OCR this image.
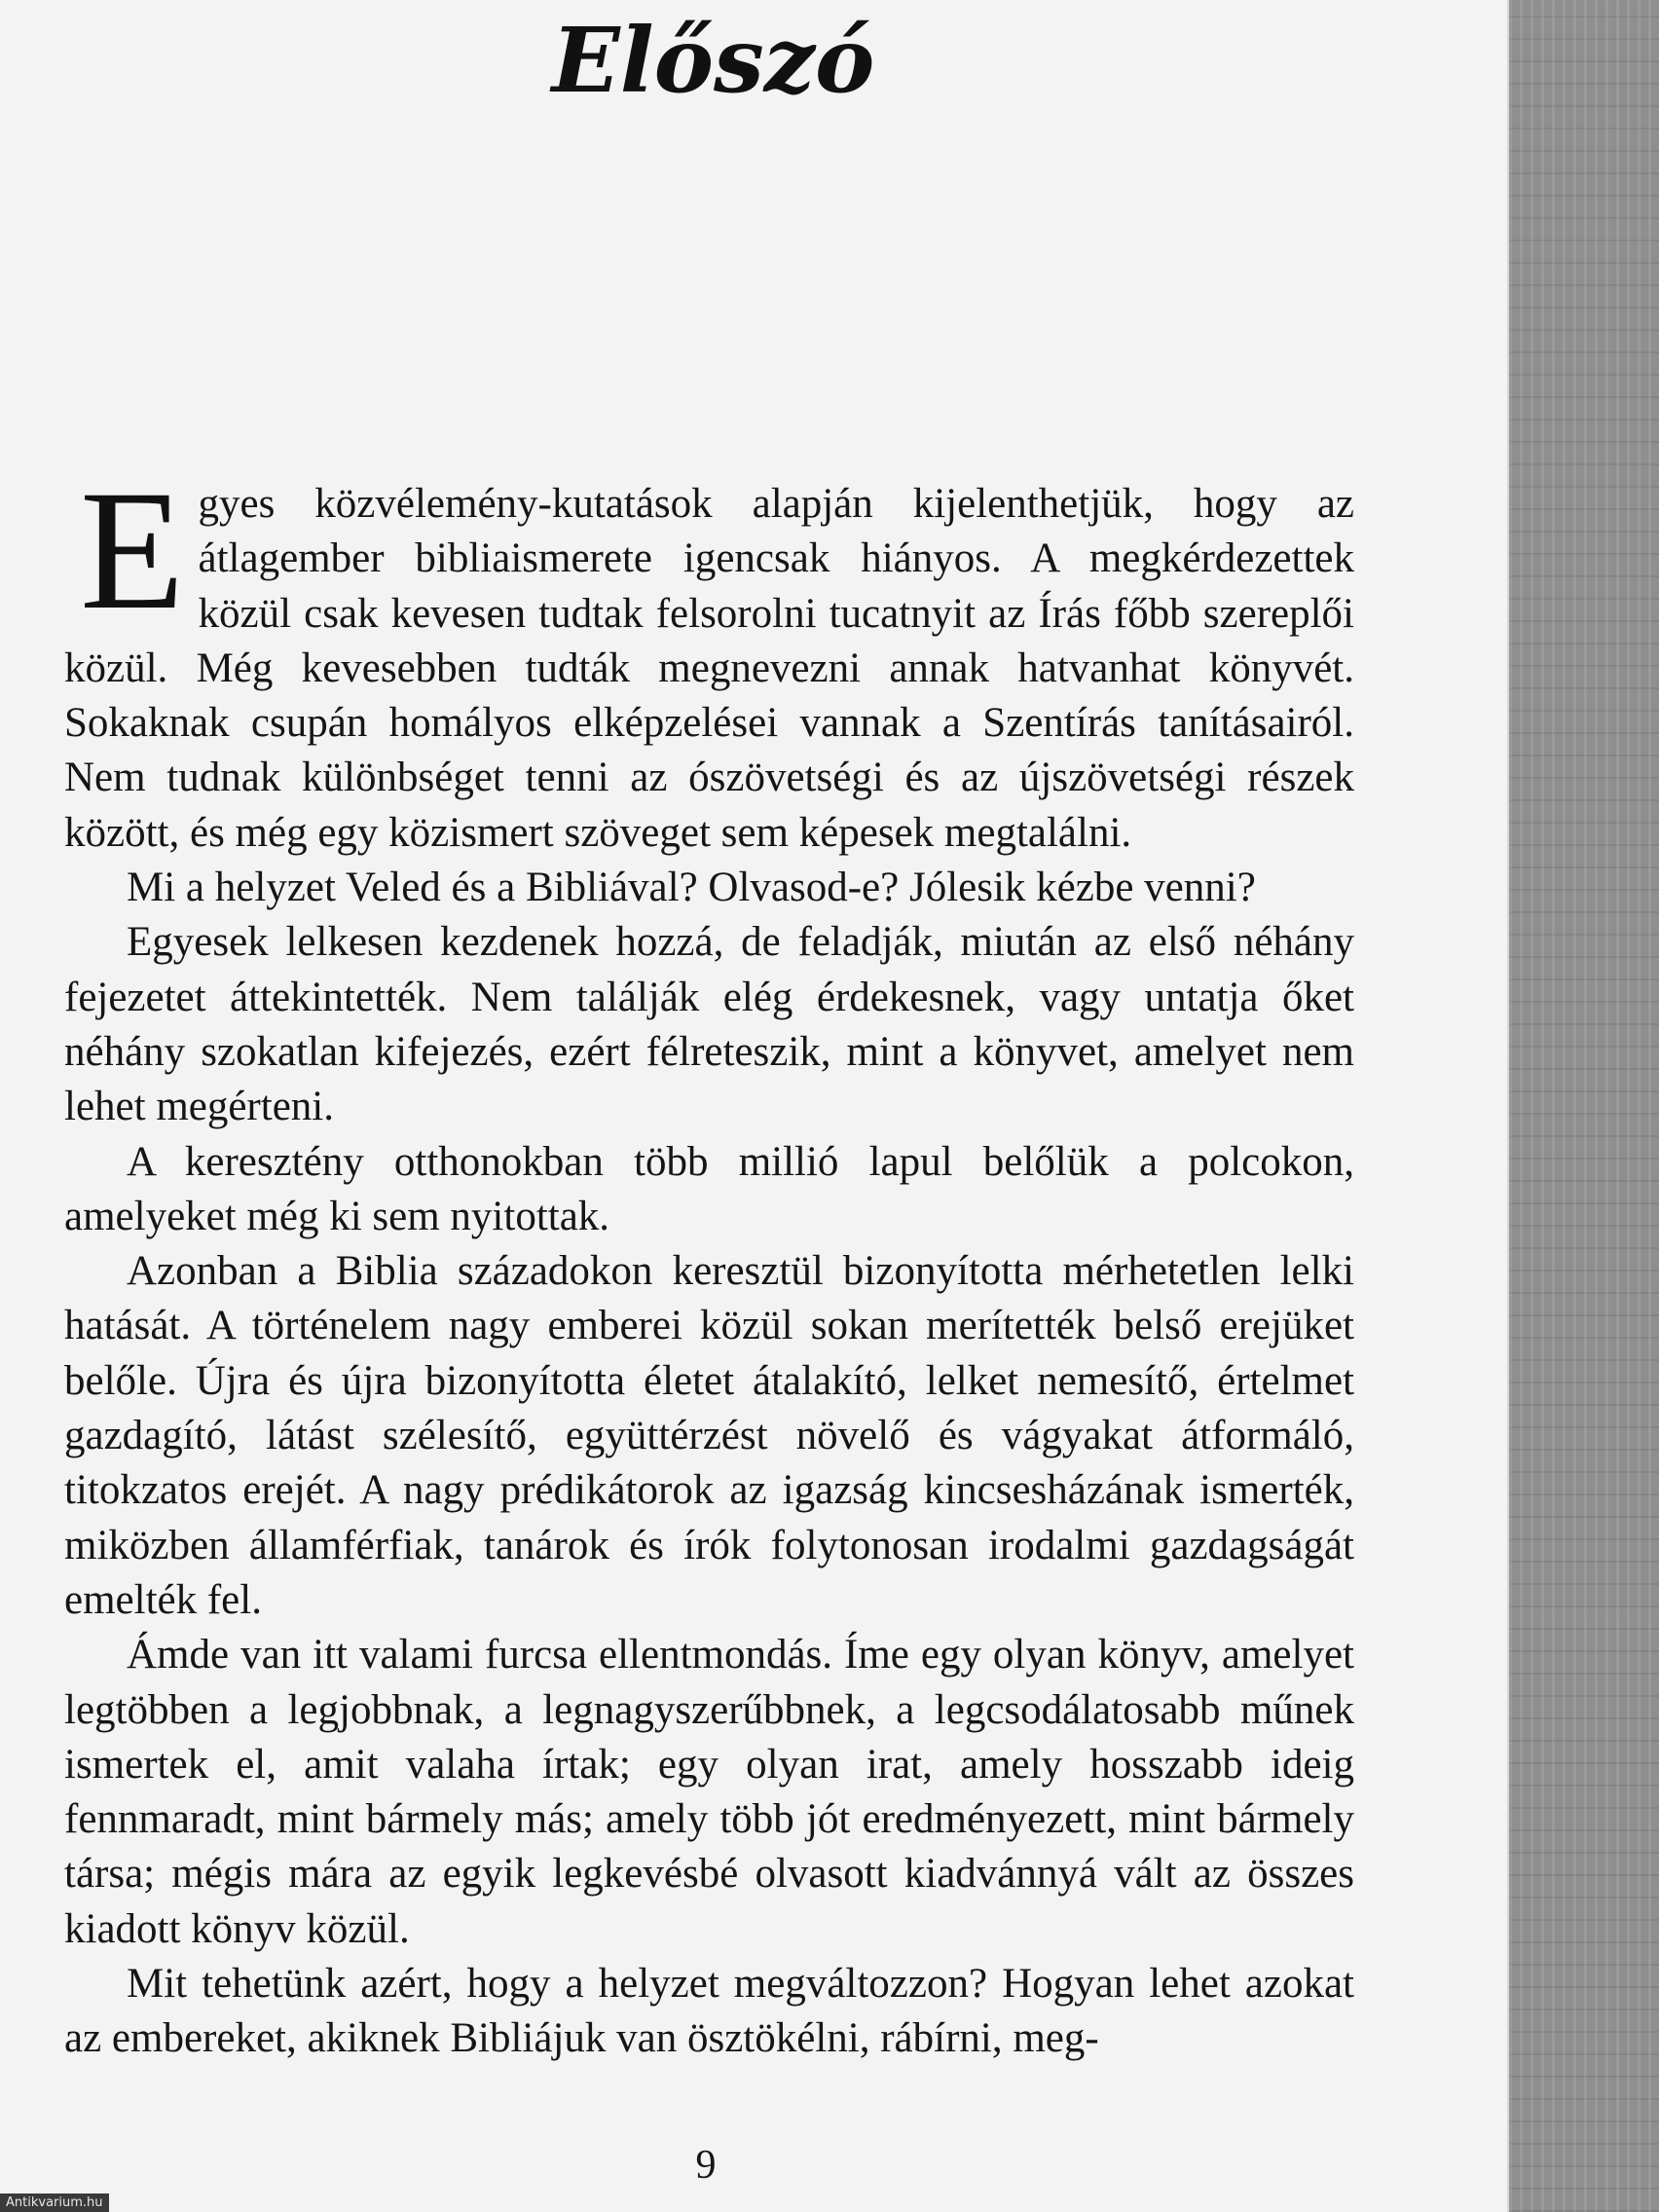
Előszó

Egyes közvélemény-kutatások alapján kijelenthetjük, hogy az átlagember bibliaismerete igencsak hiányos. A megkérdezettek közül csak kevesen tudtak felsorolni tucatnyit az Írás főbb szereplői közül. Még kevesebben tudták megnevezni annak hatvanhat könyvét. Sokaknak csupán homályos elképzelései vannak a Szentírás tanításairól. Nem tudnak különbséget tenni az ószövetségi és az újszövetségi részek között, és még egy közismert szöveget sem képesek megtalálni.

Mi a helyzet Veled és a Bibliával? Olvasod-e? Jólesik kézbe venni?

Egyesek lelkesen kezdenek hozzá, de feladják, miután az első néhány fejezetet áttekintették. Nem találják elég érdekesnek, vagy untatja őket néhány szokatlan kifejezés, ezért félreteszik, mint a könyvet, amelyet nem lehet megérteni.

A keresztény otthonokban több millió lapul belőlük a polcokon, amelyeket még ki sem nyitottak.

Azonban a Biblia századokon keresztül bizonyította mérhetetlen lelki hatását. A történelem nagy emberei közül sokan merítették belső erejüket belőle. Újra és újra bizonyította életet átalakító, lelket nemesítő, értelmet gazdagító, látást szélesítő, együttérzést növelő és vágyakat átformáló, titokzatos erejét. A nagy prédikátorok az igazság kincsesházának ismerték, miközben államférfiak, tanárok és írók folytonosan irodalmi gazdagságát emelték fel.

Ámde van itt valami furcsa ellentmondás. Íme egy olyan könyv, amelyet legtöbben a legjobbnak, a legnagyszerűbbnek, a legcsodálatosabb műnek ismertek el, amit valaha írtak; egy olyan irat, amely hosszabb ideig fennmaradt, mint bármely más; amely több jót eredményezett, mint bármely társa; mégis mára az egyik legkevésbé olvasott kiadvánnyá vált az összes kiadott könyv közül.

Mit tehetünk azért, hogy a helyzet megváltozzon? Hogyan lehet azokat az embereket, akiknek Bibliájuk van ösztökélni, rábírni, meg-

9
Antikvarium.hu
